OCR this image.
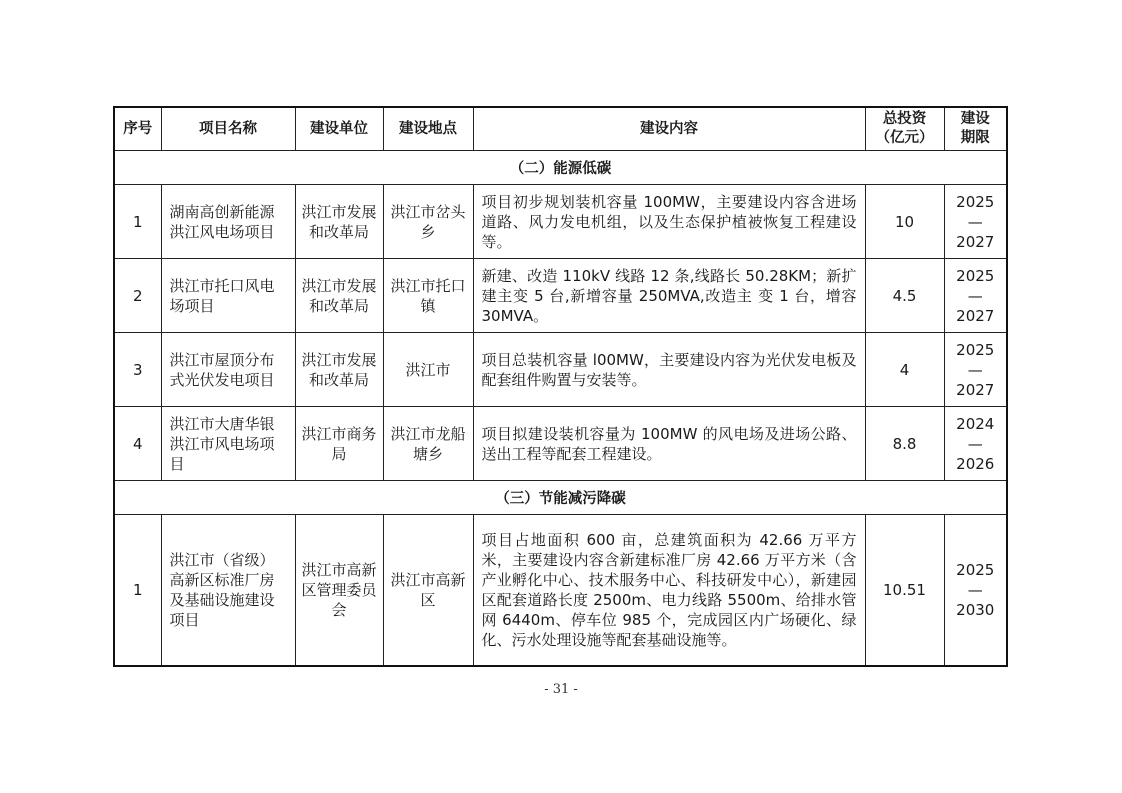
序号	项目名称	建设单位	建设地点	建设内容	总投资（亿元）	建设期限
（二）能源低碳						
1	湖南高创新能源洪江风电场项目	洪江市发展和改革局	洪江市岔头乡	项目初步规划装机容量 100MW，主要建设内容含进场道路、风力发电机组，以及生态保护植被恢复工程建设等。	10	2025
—
2027

2	洪江市托口风电场项目	洪江市发展和改革局	洪江市托口镇	新建、改造 110kV 线路 12 条,线路长 50.28KM；新扩建主变 5 台,新增容量 250MVA,改造主 变 1 台，增容 30MVA。	4.5	2025
—
2027

3	洪江市屋顶分布式光伏发电项目	洪江市发展和改革局	洪江市	项目总装机容量 l00MW，主要建设内容为光伏发电板及配套组件购置与安装等。	4	2025
—
2027

4	洪江市大唐华银洪江市风电场项目	洪江市商务局	洪江市龙船塘乡	项目拟建设装机容量为 100MW 的风电场及进场公路、送出工程等配套工程建设。	8.8	2024
—
2026

（三）节能减污降碳						
1	洪江市（省级）高新区标准厂房及基础设施建设项目	洪江市高新区管理委员会	洪江市高新区	项目占地面积 600 亩，总建筑面积为 42.66 万平方米，主要建设内容含新建标准厂房 42.66 万平方米（含产业孵化中心、技术服务中心、科技研发中心），新建园区配套道路长度 2500m、电力线路 5500m、给排水管网 6440m、停车位 985 个，完成园区内广场硬化、绿化、污水处理设施等配套基础设施等。	10.51	2025
—
2030
- 31 -
